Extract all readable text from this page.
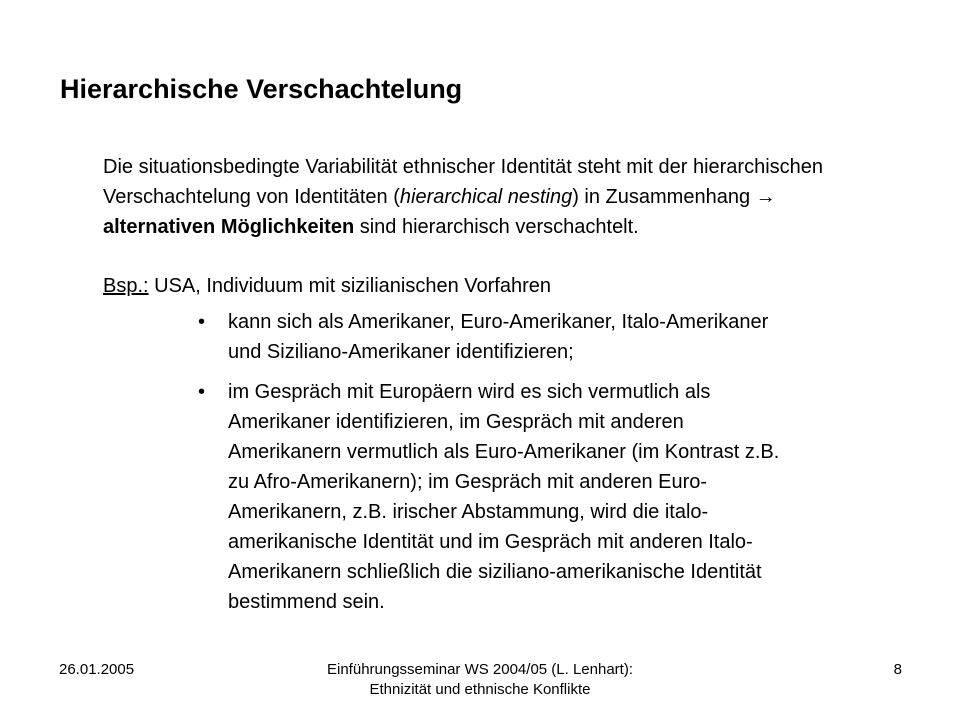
Hierarchische Verschachtelung

Die situationsbedingte Variabilität ethnischer Identität steht mit der hierarchischen Verschachtelung von Identitäten (hierarchical nesting) in Zusammenhang → alternativen Möglichkeiten sind hierarchisch verschachtelt.

Bsp.: USA, Individuum mit sizilianischen Vorfahren

• kann sich als Amerikaner, Euro-Amerikaner, Italo-Amerikaner
und Siziliano-Amerikaner identifizieren;
• im Gespräch mit Europäern wird es sich vermutlich als
Amerikaner identifizieren, im Gespräch mit anderen
Amerikanern vermutlich als Euro-Amerikaner (im Kontrast z.B.
zu Afro-Amerikanern); im Gespräch mit anderen Euro-
Amerikanern, z.B. irischer Abstammung, wird die italo-
amerikanische Identität und im Gespräch mit anderen Italo-
Amerikanern schließlich die siziliano-amerikanische Identität
bestimmend sein.
26.01.2005	Einführungsseminar WS 2004/05 (L. Lenhart):
Ethnizität und ethnische Konflikte
8
